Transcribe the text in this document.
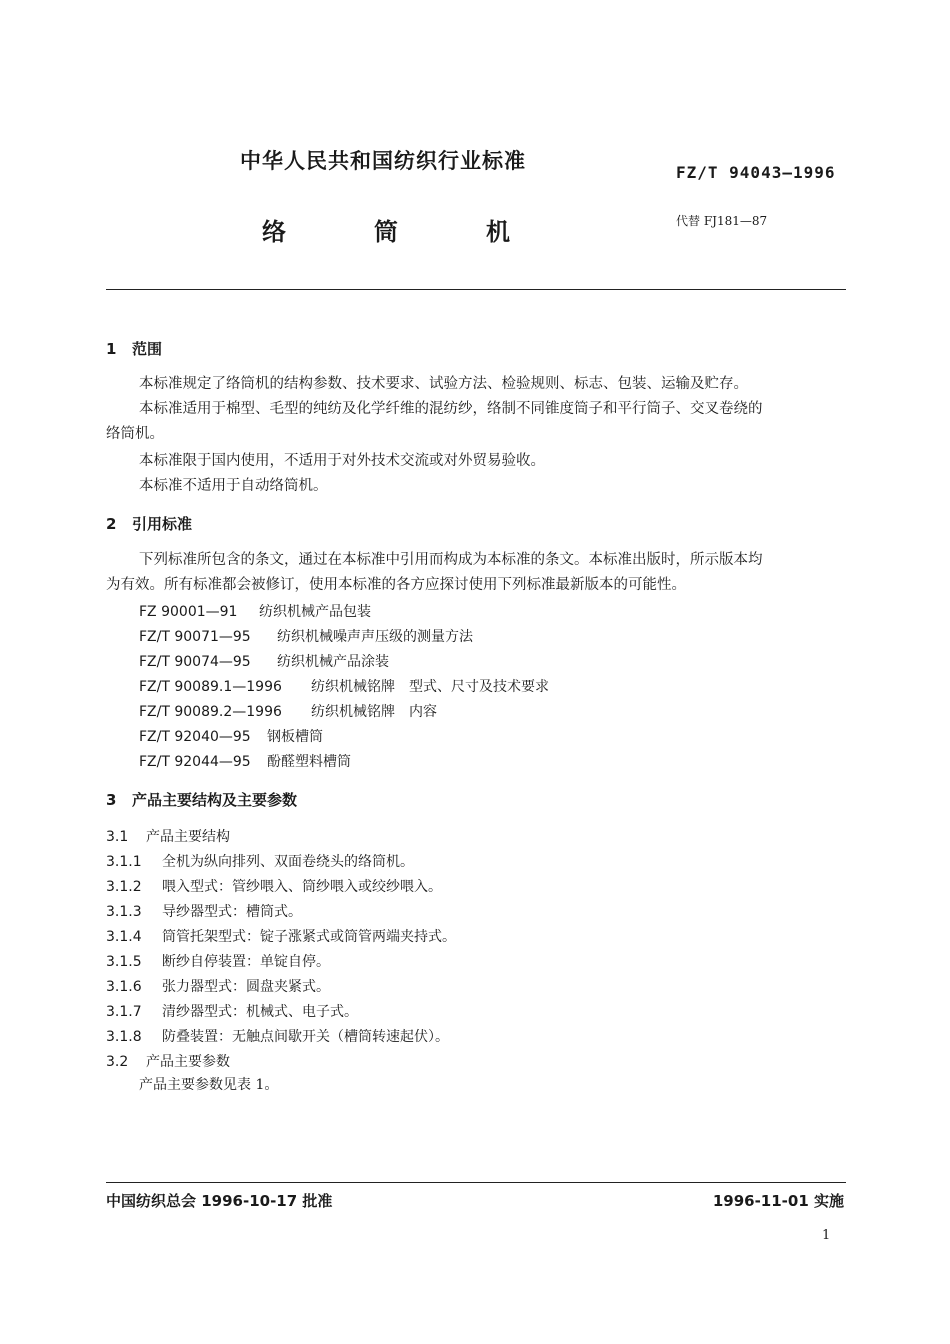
中华人民共和国纺织行业标准	FZ/T 94043—1996
络筒机	代替 FJ181—87
1 范围
本标准规定了络筒机的结构参数、技术要求、试验方法、检验规则、标志、包装、运输及贮存。
本标准适用于棉型、毛型的纯纺及化学纤维的混纺纱，络制不同锥度筒子和平行筒子、交叉卷绕的
络筒机。
本标准限于国内使用，不适用于对外技术交流或对外贸易验收。
本标准不适用于自动络筒机。
2 引用标准
下列标准所包含的条文，通过在本标准中引用而构成为本标准的条文。本标准出版时，所示版本均
为有效。所有标准都会被修订，使用本标准的各方应探讨使用下列标准最新版本的可能性。
FZ 90001—91 纺织机械产品包装
FZ/T 90071—95 纺织机械噪声声压级的测量方法
FZ/T 90074—95 纺织机械产品涂装
FZ/T 90089.1—1996 纺织机械铭牌　型式、尺寸及技术要求
FZ/T 90089.2—1996 纺织机械铭牌　内容
FZ/T 92040—95 钢板槽筒
FZ/T 92044—95 酚醛塑料槽筒
3 产品主要结构及主要参数
3.1 产品主要结构
3.1.1 全机为纵向排列、双面卷绕头的络筒机。
3.1.2 喂入型式：管纱喂入、筒纱喂入或绞纱喂入。
3.1.3 导纱器型式：槽筒式。
3.1.4 筒管托架型式：锭子涨紧式或筒管两端夹持式。
3.1.5 断纱自停装置：单锭自停。
3.1.6 张力器型式：圆盘夹紧式。
3.1.7 清纱器型式：机械式、电子式。
3.1.8 防叠装置：无触点间歇开关（槽筒转速起伏）。
3.2 产品主要参数
产品主要参数见表 1。
中国纺织总会 1996-10-17 批准	1996-11-01 实施
1
